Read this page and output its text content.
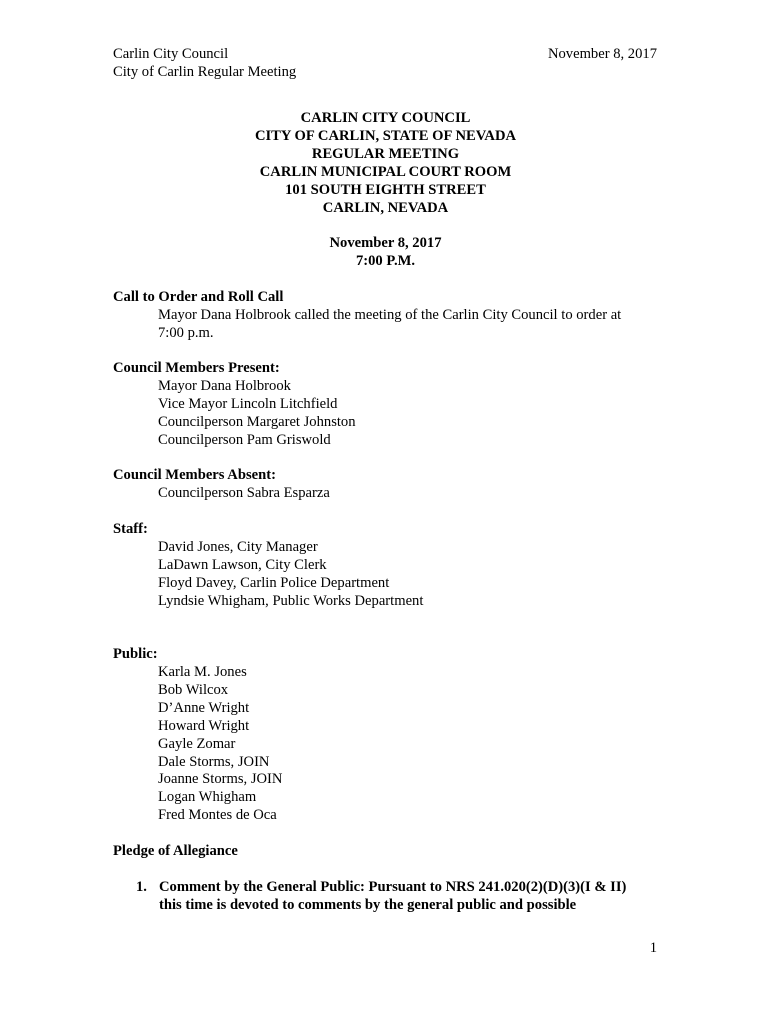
Carlin City Council
City of Carlin Regular Meeting
November 8, 2017
CARLIN CITY COUNCIL
CITY OF CARLIN, STATE OF NEVADA
REGULAR MEETING
CARLIN MUNICIPAL COURT ROOM
101 SOUTH EIGHTH STREET
CARLIN, NEVADA
November 8, 2017
7:00 P.M.
Call to Order and Roll Call
Mayor Dana Holbrook called the meeting of the Carlin City Council to order at
7:00 p.m.
Council Members Present:
Mayor Dana Holbrook
Vice Mayor Lincoln Litchfield
Councilperson Margaret Johnston
Councilperson Pam Griswold
Council Members Absent:
Councilperson Sabra Esparza
Staff:
David Jones, City Manager
LaDawn Lawson, City Clerk
Floyd Davey, Carlin Police Department
Lyndsie Whigham, Public Works Department
Public:
Karla M. Jones
Bob Wilcox
D’Anne Wright
Howard Wright
Gayle Zomar
Dale Storms, JOIN
Joanne Storms, JOIN
Logan Whigham
Fred Montes de Oca
Pledge of Allegiance
1. Comment by the General Public: Pursuant to NRS 241.020(2)(D)(3)(I & II)
this time is devoted to comments by the general public and possible
1
